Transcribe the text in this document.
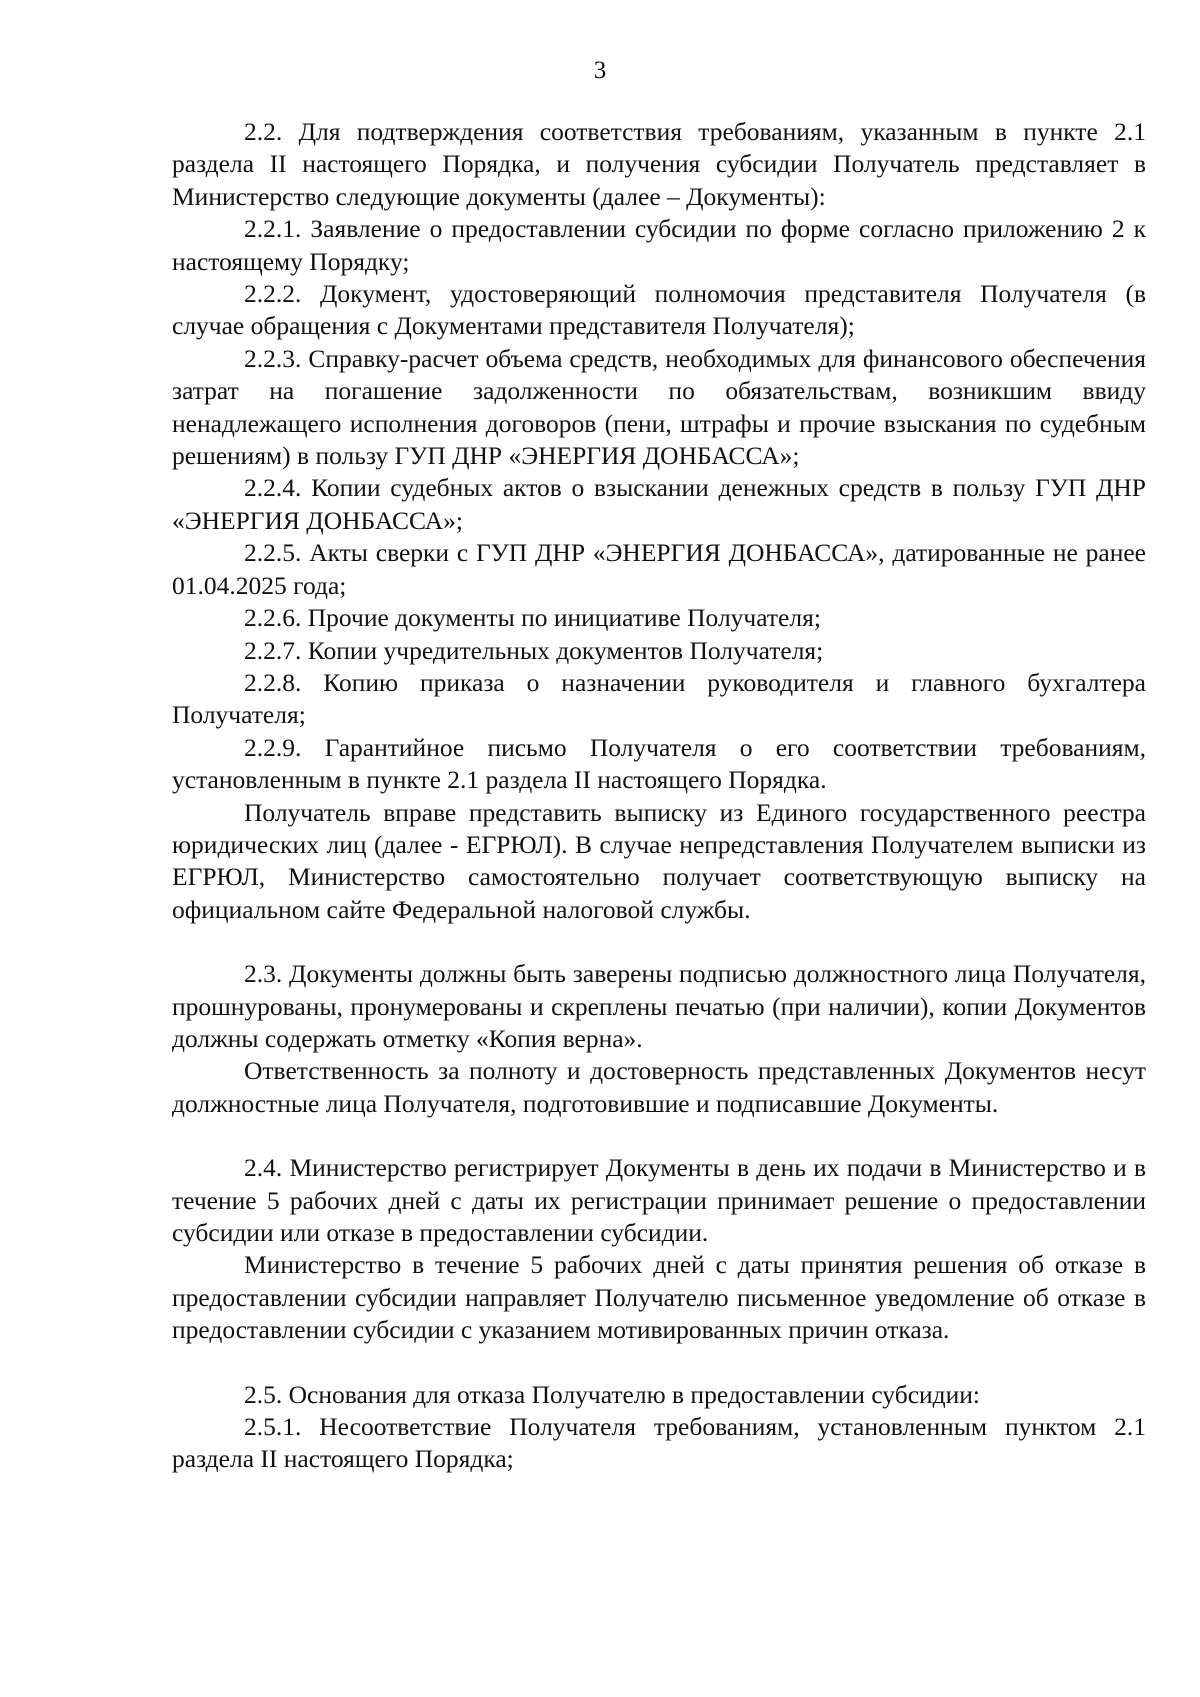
3

2.2. Для подтверждения соответствия требованиям, указанным в пункте 2.1 раздела II настоящего Порядка, и получения субсидии Получатель представляет в Министерство следующие документы (далее – Документы):

2.2.1. Заявление о предоставлении субсидии по форме согласно приложению 2 к настоящему Порядку;

2.2.2. Документ, удостоверяющий полномочия представителя Получателя (в случае обращения с Документами представителя Получателя);

2.2.3. Справку-расчет объема средств, необходимых для финансового обеспечения затрат на погашение задолженности по обязательствам, возникшим ввиду ненадлежащего исполнения договоров (пени, штрафы и прочие взыскания по судебным решениям) в пользу ГУП ДНР «ЭНЕРГИЯ ДОНБАССА»;

2.2.4. Копии судебных актов о взыскании денежных средств в пользу ГУП ДНР «ЭНЕРГИЯ ДОНБАССА»;

2.2.5. Акты сверки с ГУП ДНР «ЭНЕРГИЯ ДОНБАССА», датированные не ранее 01.04.2025 года;

2.2.6. Прочие документы по инициативе Получателя;

2.2.7. Копии учредительных документов Получателя;

2.2.8. Копию приказа о назначении руководителя и главного бухгалтера Получателя;

2.2.9. Гарантийное письмо Получателя о его соответствии требованиям, установленным в пункте 2.1 раздела II настоящего Порядка.

Получатель вправе представить выписку из Единого государственного реестра юридических лиц (далее - ЕГРЮЛ). В случае непредставления Получателем выписки из ЕГРЮЛ, Министерство самостоятельно получает соответствующую выписку на официальном сайте Федеральной налоговой службы.

2.3. Документы должны быть заверены подписью должностного лица Получателя, прошнурованы, пронумерованы и скреплены печатью (при наличии), копии Документов должны содержать отметку «Копия верна».

Ответственность за полноту и достоверность представленных Документов несут должностные лица Получателя, подготовившие и подписавшие Документы.

2.4. Министерство регистрирует Документы в день их подачи в Министерство и в течение 5 рабочих дней с даты их регистрации принимает решение о предоставлении субсидии или отказе в предоставлении субсидии.

Министерство в течение 5 рабочих дней с даты принятия решения об отказе в предоставлении субсидии направляет Получателю письменное уведомление об отказе в предоставлении субсидии с указанием мотивированных причин отказа.

2.5. Основания для отказа Получателю в предоставлении субсидии:

2.5.1. Несоответствие Получателя требованиям, установленным пунктом 2.1 раздела II настоящего Порядка;
